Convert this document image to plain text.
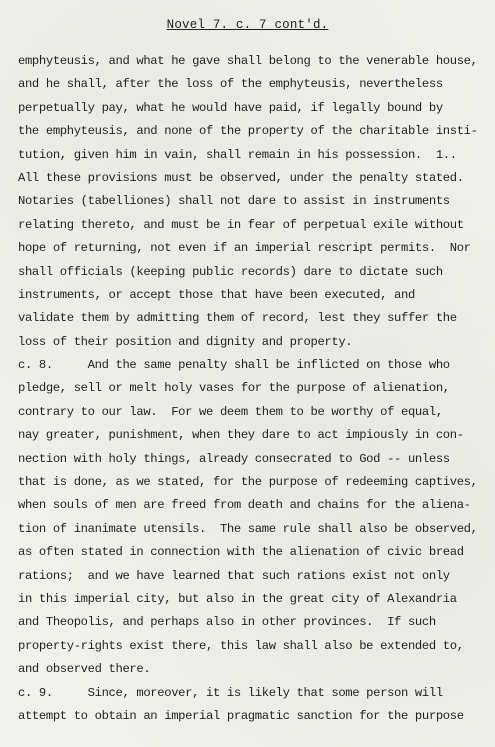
Novel 7. c. 7 cont'd.
emphyteusis, and what he gave shall belong to the venerable house,
and he shall, after the loss of the emphyteusis, nevertheless
perpetually pay, what he would have paid, if legally bound by
the emphyteusis, and none of the property of the charitable insti-
tution, given him in vain, shall remain in his possession.  1..
All these provisions must be observed, under the penalty stated.
Notaries (tabelliones) shall not dare to assist in instruments
relating thereto, and must be in fear of perpetual exile without
hope of returning, not even if an imperial rescript permits.  Nor
shall officials (keeping public records) dare to dictate such
instruments, or accept those that have been executed, and
validate them by admitting them of record, lest they suffer the
loss of their position and dignity and property.
c. 8.     And the same penalty shall be inflicted on those who
pledge, sell or melt holy vases for the purpose of alienation,
contrary to our law.  For we deem them to be worthy of equal,
nay greater, punishment, when they dare to act impiously in con-
nection with holy things, already consecrated to God -- unless
that is done, as we stated, for the purpose of redeeming captives,
when souls of men are freed from death and chains for the aliena-
tion of inanimate utensils.  The same rule shall also be observed,
as often stated in connection with the alienation of civic bread
rations;  and we have learned that such rations exist not only
in this imperial city, but also in the great city of Alexandria
and Theopolis, and perhaps also in other provinces.  If such
property-rights exist there, this law shall also be extended to,
and observed there.
c. 9.     Since, moreover, it is likely that some person will
attempt to obtain an imperial pragmatic sanction for the purpose
